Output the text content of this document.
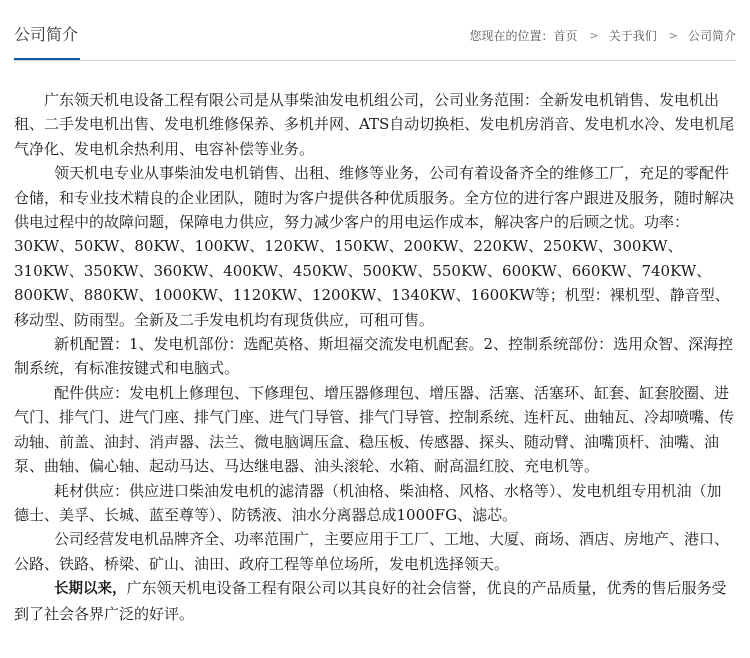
公司简介	您现在的位置： 首页 > 关于我们 > 公司简介

广东领天机电设备工程有限公司是从事柴油发电机组公司，公司业务范围：全新发电机销售、发电机出租、二手发电机出售、发电机维修保养、多机并网、ATS自动切换柜、发电机房消音、发电机水冷、发电机尾气净化、发电机余热利用、电容补偿等业务。

领天机电专业从事柴油发电机销售、出租、维修等业务，公司有着设备齐全的维修工厂，充足的零配件仓储，和专业技术精良的企业团队，随时为客户提供各种优质服务。全方位的进行客户跟进及服务，随时解决供电过程中的故障问题，保障电力供应，努力减少客户的用电运作成本，解决客户的后顾之忧。功率：30KW、50KW、80KW、100KW、120KW、150KW、200KW、220KW、250KW、300KW、310KW、350KW、360KW、400KW、450KW、500KW、550KW、600KW、660KW、740KW、800KW、880KW、1000KW、1120KW、1200KW、1340KW、1600KW等；机型：裸机型、静音型、移动型、防雨型。全新及二手发电机均有现货供应，可租可售。

新机配置：1、发电机部份：选配英格、斯坦福交流发电机配套。2、控制系统部份：选用众智、深海控制系统，有标准按键式和电脑式。

配件供应：发电机上修理包、下修理包、增压器修理包、增压器、活塞、活塞环、缸套、缸套胶圈、进气门、排气门、进气门座、排气门座、进气门导管、排气门导管、控制系统、连杆瓦、曲轴瓦、冷却喷嘴、传动轴、前盖、油封、消声器、法兰、微电脑调压盒、稳压板、传感器、探头、随动臂、油嘴顶杆、油嘴、油泵、曲轴、偏心轴、起动马达、马达继电器、油头滚轮、水箱、耐高温红胶、充电机等。

耗材供应：供应进口柴油发电机的滤清器（机油格、柴油格、风格、水格等）、发电机组专用机油（加德士、美孚、长城、蓝至尊等）、防锈液、油水分离器总成1000FG、滤芯。

公司经营发电机品牌齐全、功率范围广，主要应用于工厂、工地、大厦、商场、酒店、房地产、港口、公路、铁路、桥梁、矿山、油田、政府工程等单位场所，发电机选择领天。

长期以来，广东领天机电设备工程有限公司以其良好的社会信誉，优良的产品质量，优秀的售后服务受到了社会各界广泛的好评。
